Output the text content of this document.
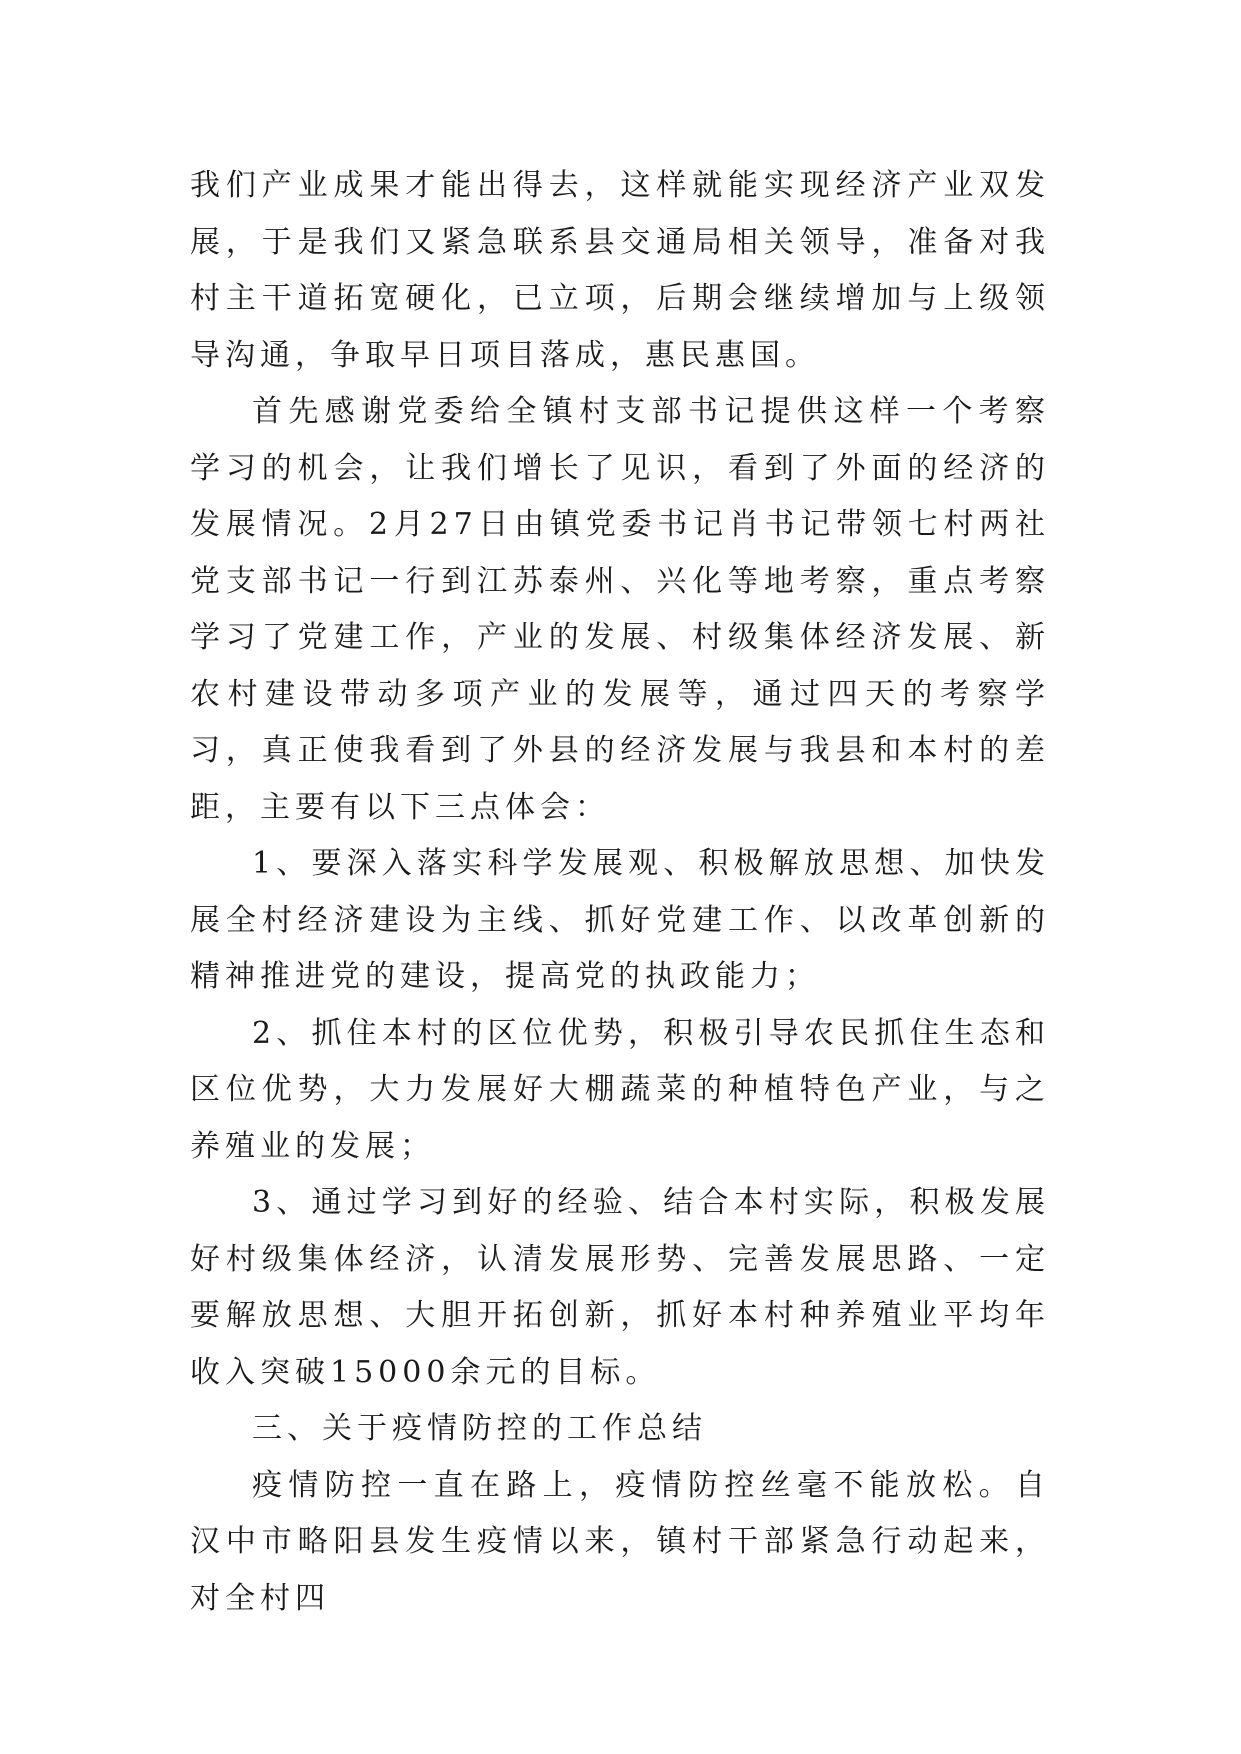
我们产业成果才能出得去，这样就能实现经济产业双发展，于是我们又紧急联系县交通局相关领导，准备对我村主干道拓宽硬化，已立项，后期会继续增加与上级领导沟通，争取早日项目落成，惠民惠国。

首先感谢党委给全镇村支部书记提供这样一个考察学习的机会，让我们增长了见识，看到了外面的经济的发展情况。2月27日由镇党委书记肖书记带领七村两社党支部书记一行到江苏泰州、兴化等地考察，重点考察学习了党建工作，产业的发展、村级集体经济发展、新农村建设带动多项产业的发展等，通过四天的考察学习，真正使我看到了外县的经济发展与我县和本村的差距，主要有以下三点体会：

1、要深入落实科学发展观、积极解放思想、加快发展全村经济建设为主线、抓好党建工作、以改革创新的精神推进党的建设，提高党的执政能力；

2、抓住本村的区位优势，积极引导农民抓住生态和区位优势，大力发展好大棚蔬菜的种植特色产业，与之养殖业的发展；

3、通过学习到好的经验、结合本村实际，积极发展好村级集体经济，认清发展形势、完善发展思路、一定要解放思想、大胆开拓创新，抓好本村种养殖业平均年收入突破15000余元的目标。

三、关于疫情防控的工作总结

疫情防控一直在路上，疫情防控丝毫不能放松。自汉中市略阳县发生疫情以来，镇村干部紧急行动起来，对全村四
